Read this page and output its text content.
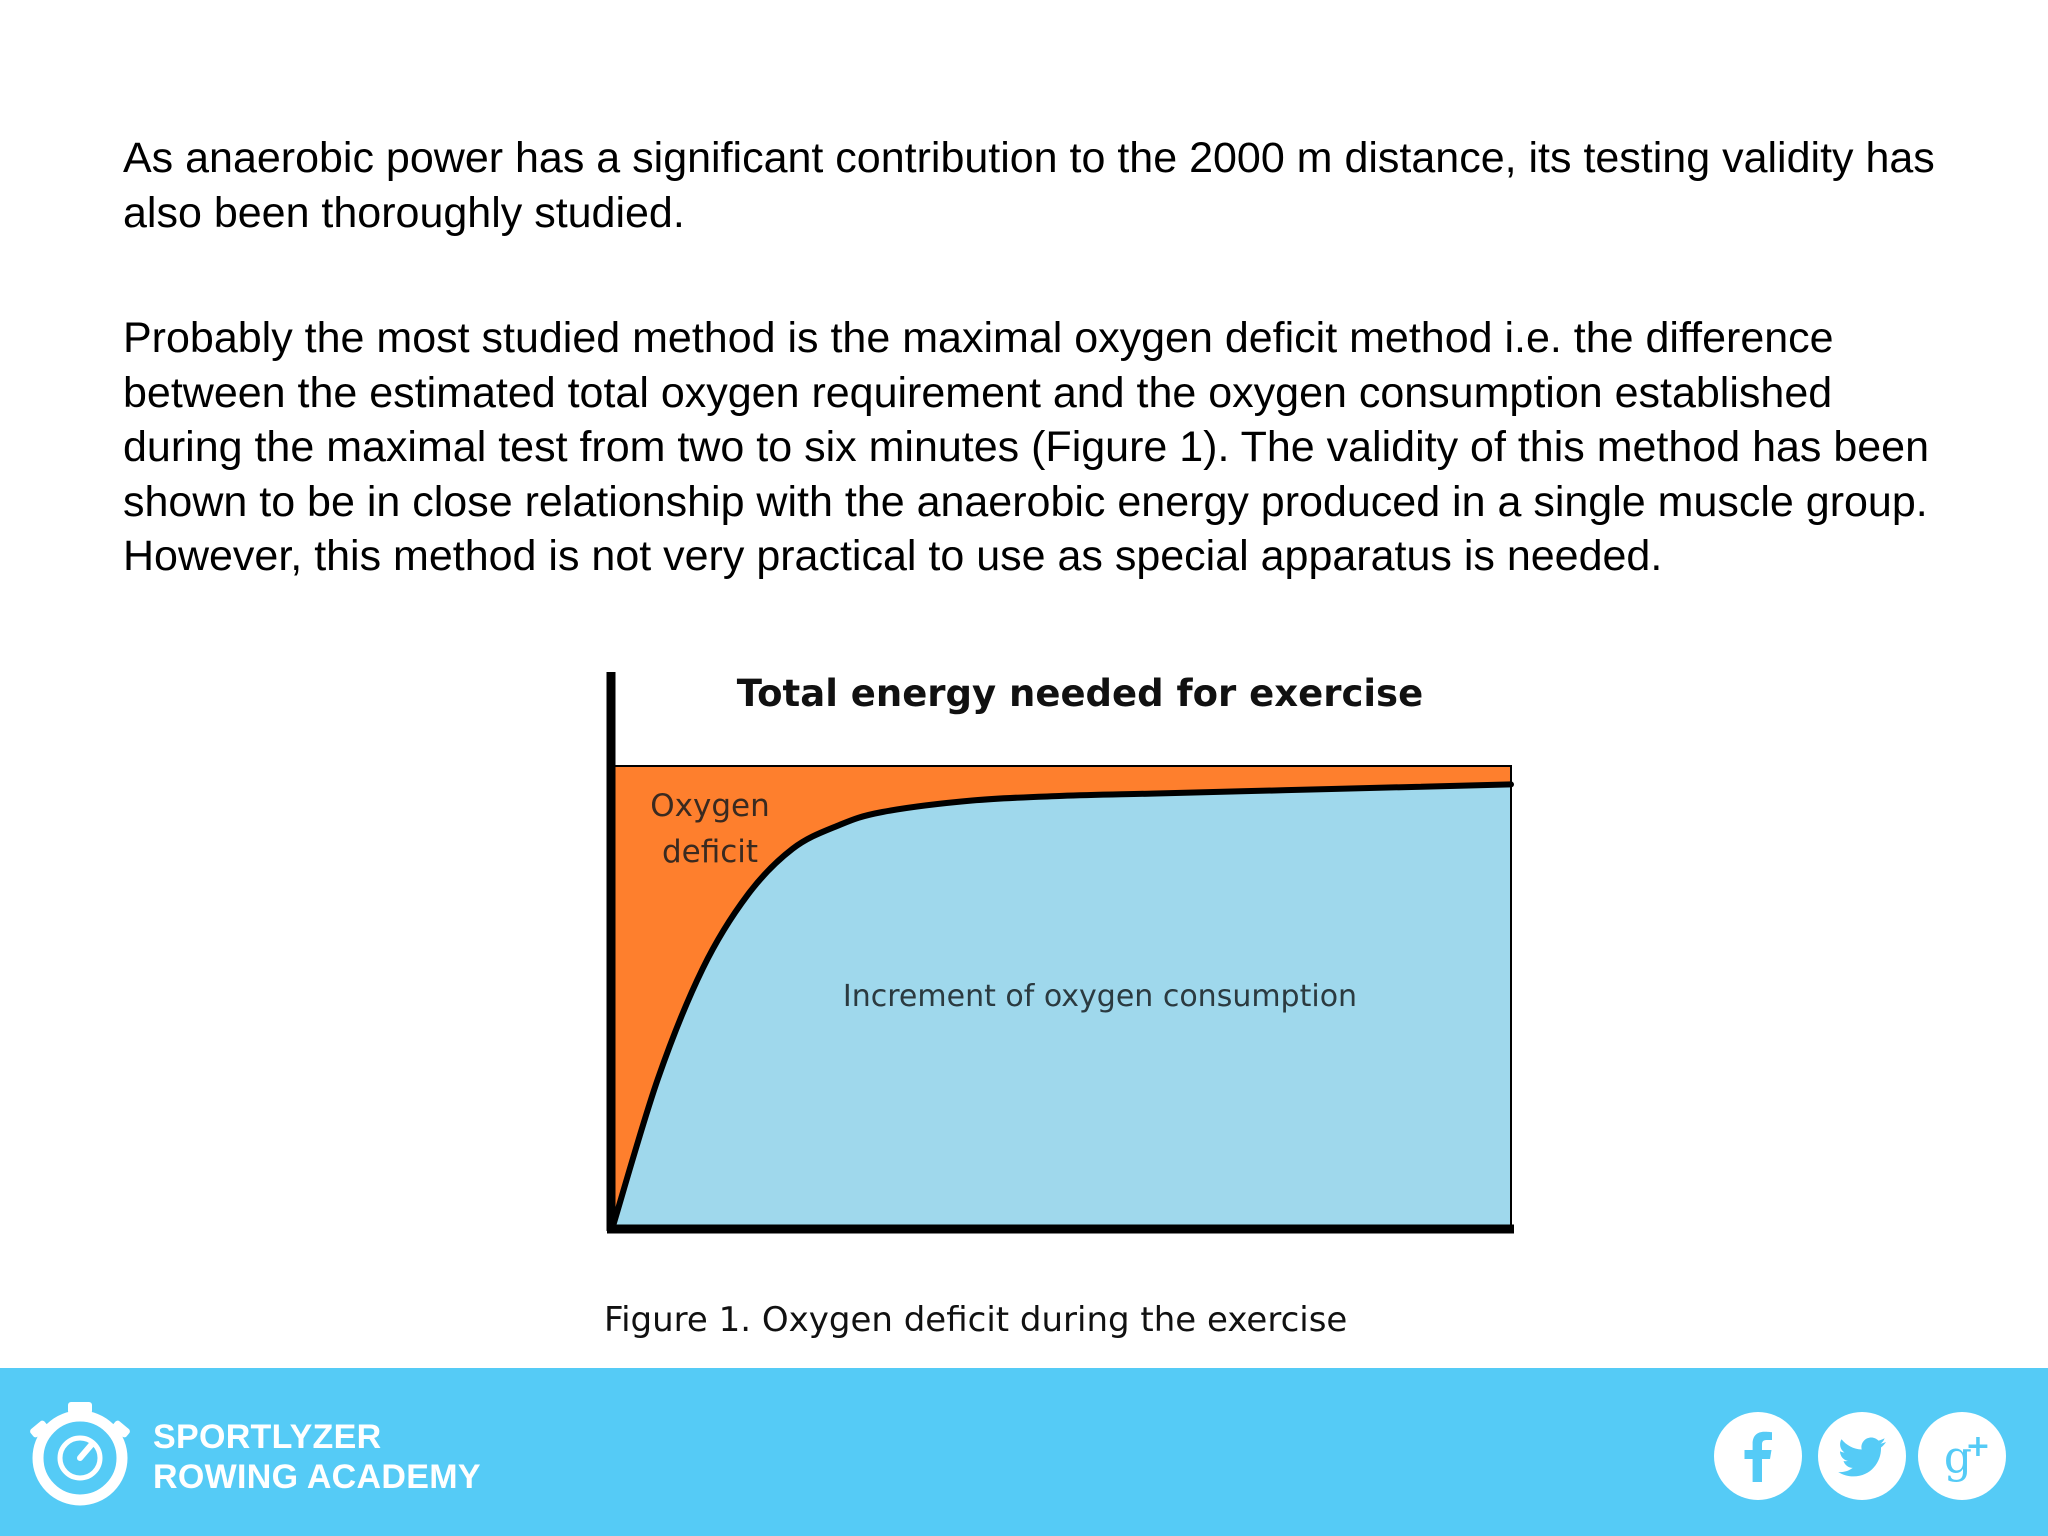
As anaerobic power has a significant contribution to the 2000 m distance, its testing validity has also been thoroughly studied.

Probably the most studied method is the maximal oxygen deficit method i.e. the difference between the estimated total oxygen requirement and the oxygen consumption established during the maximal test from two to six minutes (Figure 1). The validity of this method has been shown to be in close relationship with the anaerobic energy produced in a single muscle group. However, this method is not very practical to use as special apparatus is needed.

Total energy needed for exercise
Oxygen
deficit
Increment of oxygen consumption
Figure 1. Oxygen deficit during the exercise
SPORTLYZER
ROWING ACADEMY	g
+
